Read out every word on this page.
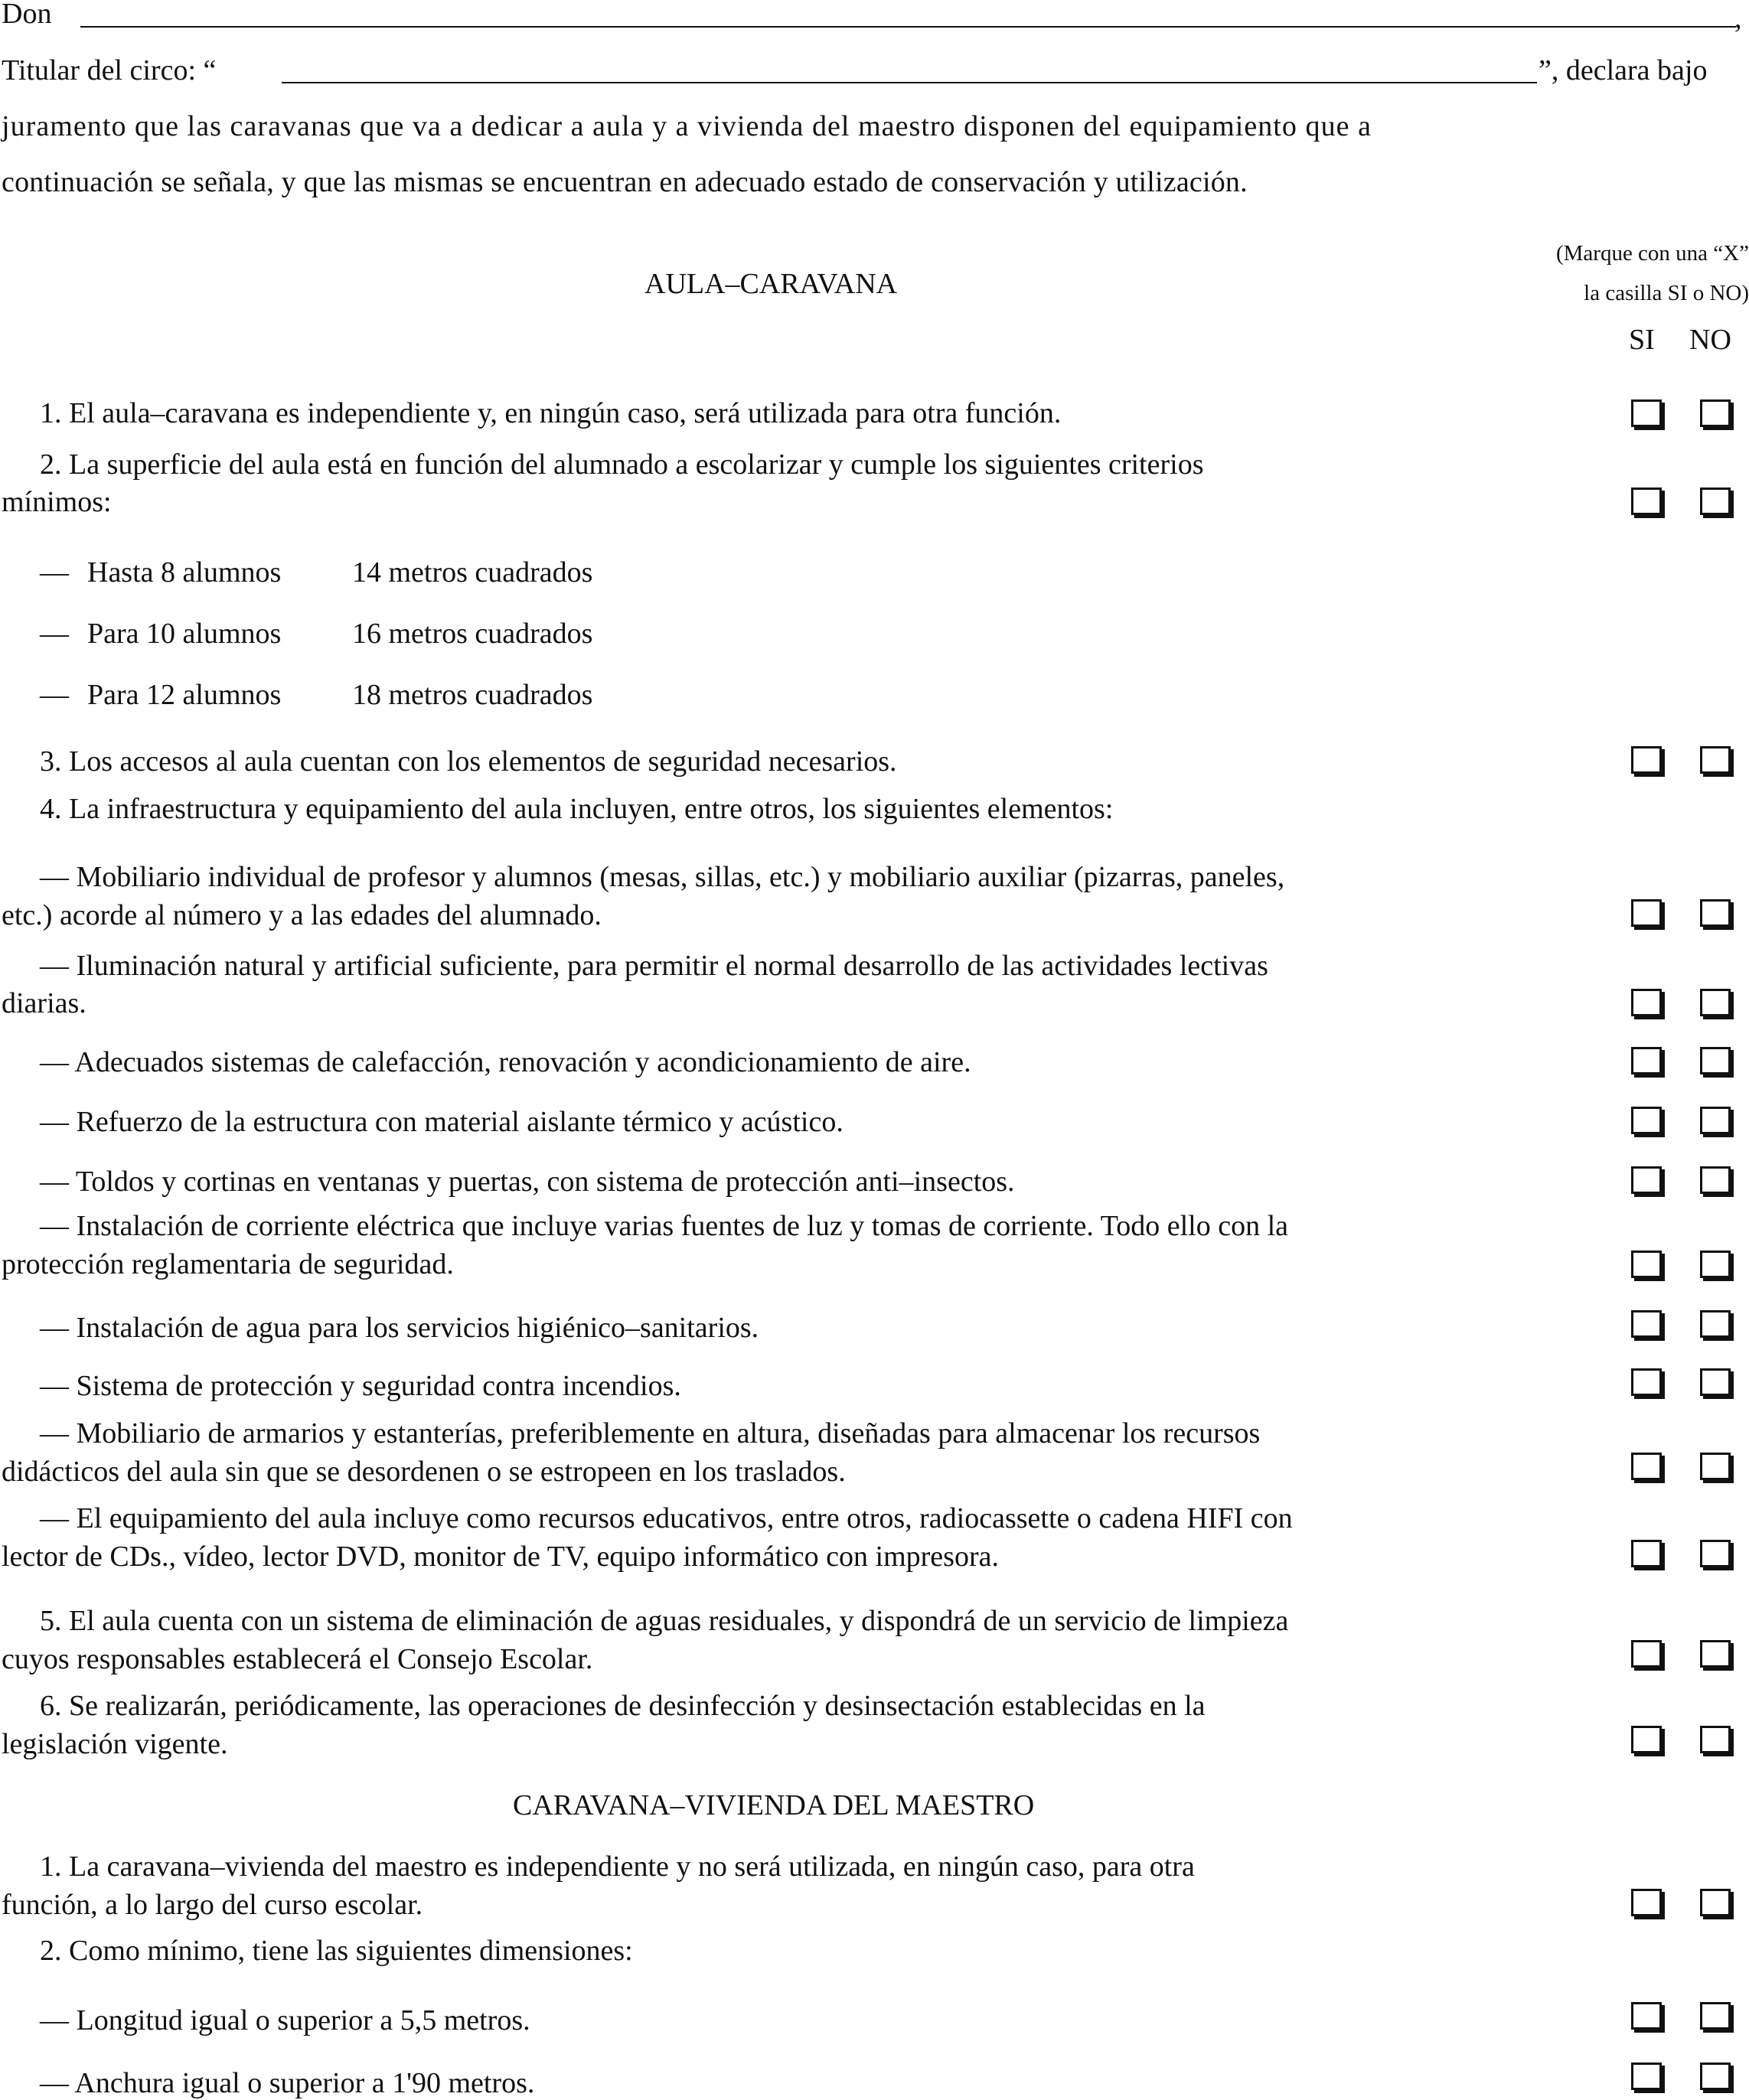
Don	,
Titular del circo: “	”, declara bajo
juramento que las caravanas que va a dedicar a aula y a vivienda del maestro disponen del equipamiento que a
continuación se señala, y que las mismas se encuentran en adecuado estado de conservación y utilización.
AULA–CARAVANA
(Marque con una “X”
la casilla SI o NO)
SI NO
1. El aula–caravana es independiente y, en ningún caso, será utilizada para otra función.
2. La superficie del aula está en función del alumnado a escolarizar y cumple los siguientes criterios
mínimos:
— Hasta 8 alumnos 14 metros cuadrados
— Para 10 alumnos 16 metros cuadrados
— Para 12 alumnos 18 metros cuadrados
3. Los accesos al aula cuentan con los elementos de seguridad necesarios.
4. La infraestructura y equipamiento del aula incluyen, entre otros, los siguientes elementos:
— Mobiliario individual de profesor y alumnos (mesas, sillas, etc.) y mobiliario auxiliar (pizarras, paneles,
etc.) acorde al número y a las edades del alumnado.
— Iluminación natural y artificial suficiente, para permitir el normal desarrollo de las actividades lectivas
diarias.
— Adecuados sistemas de calefacción, renovación y acondicionamiento de aire.
— Refuerzo de la estructura con material aislante térmico y acústico.
— Toldos y cortinas en ventanas y puertas, con sistema de protección anti–insectos.
— Instalación de corriente eléctrica que incluye varias fuentes de luz y tomas de corriente. Todo ello con la
protección reglamentaria de seguridad.
— Instalación de agua para los servicios higiénico–sanitarios.
— Sistema de protección y seguridad contra incendios.
— Mobiliario de armarios y estanterías, preferiblemente en altura, diseñadas para almacenar los recursos
didácticos del aula sin que se desordenen o se estropeen en los traslados.
— El equipamiento del aula incluye como recursos educativos, entre otros, radiocassette o cadena HIFI con
lector de CDs., vídeo, lector DVD, monitor de TV, equipo informático con impresora.
5. El aula cuenta con un sistema de eliminación de aguas residuales, y dispondrá de un servicio de limpieza
cuyos responsables establecerá el Consejo Escolar.
6. Se realizarán, periódicamente, las operaciones de desinfección y desinsectación establecidas en la
legislación vigente.
CARAVANA–VIVIENDA DEL MAESTRO
1. La caravana–vivienda del maestro es independiente y no será utilizada, en ningún caso, para otra
función, a lo largo del curso escolar.
2. Como mínimo, tiene las siguientes dimensiones:
— Longitud igual o superior a 5,5 metros.
— Anchura igual o superior a 1'90 metros.
